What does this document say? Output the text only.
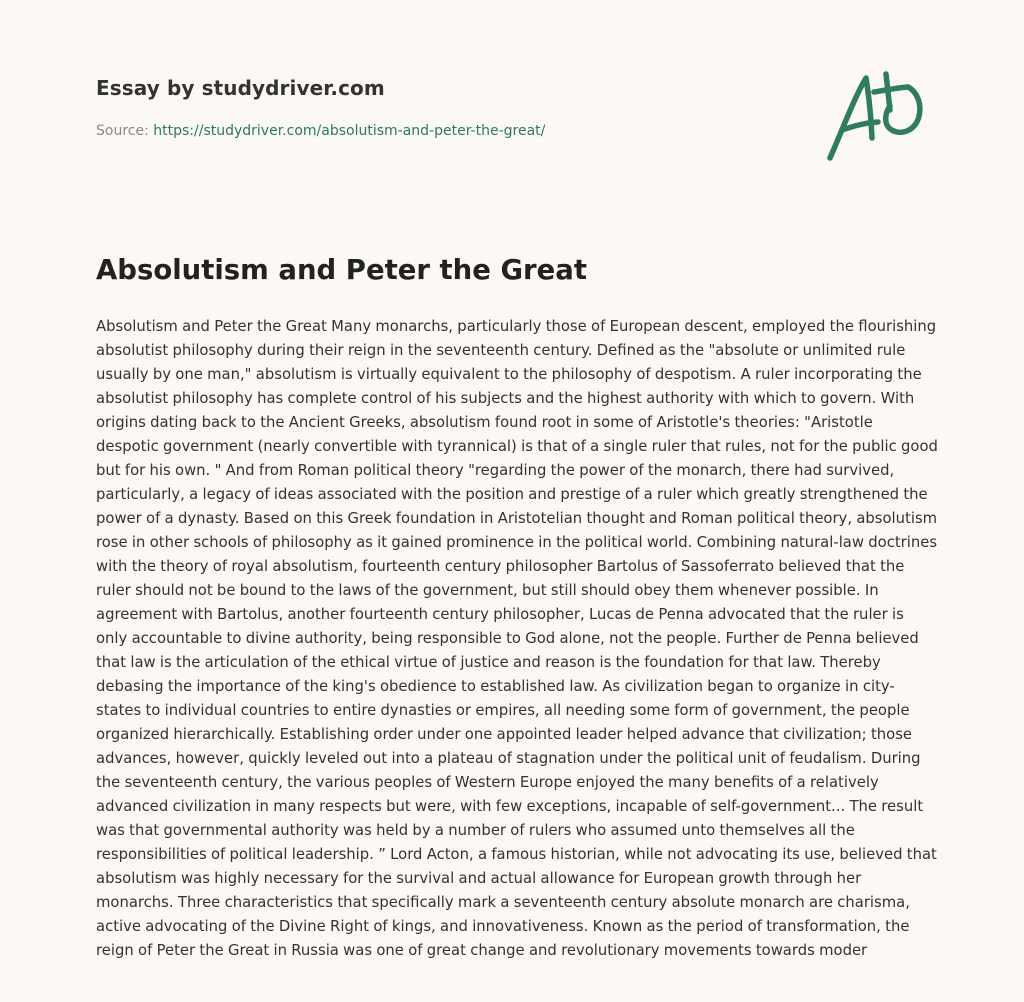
Essay by studydriver.com
Source: https://studydriver.com/absolutism-and-peter-the-great/
Absolutism and Peter the Great

Absolutism and Peter the Great Many monarchs, particularly those of European descent, employed the flourishing absolutist philosophy during their reign in the seventeenth century. Defined as the "absolute or unlimited rule usually by one man," absolutism is virtually equivalent to the philosophy of despotism. A ruler incorporating the absolutist philosophy has complete control of his subjects and the highest authority with which to govern. With origins dating back to the Ancient Greeks, absolutism found root in some of Aristotle's theories: "Aristotle despotic government (nearly convertible with tyrannical) is that of a single ruler that rules, not for the public good but for his own. " And from Roman political theory "regarding the power of the monarch, there had survived, particularly, a legacy of ideas associated with the position and prestige of a ruler which greatly strengthened the power of a dynasty. Based on this Greek foundation in Aristotelian thought and Roman political theory, absolutism rose in other schools of philosophy as it gained prominence in the political world. Combining natural-law doctrines with the theory of royal absolutism, fourteenth century philosopher Bartolus of Sassoferrato believed that the ruler should not be bound to the laws of the government, but still should obey them whenever possible. In agreement with Bartolus, another fourteenth century philosopher, Lucas de Penna advocated that the ruler is only accountable to divine authority, being responsible to God alone, not the people. Further de Penna believed that law is the articulation of the ethical virtue of justice and reason is the foundation for that law. Thereby debasing the importance of the king's obedience to established law. As civilization began to organize in city-states to individual countries to entire dynasties or empires, all needing some form of government, the people organized hierarchically. Establishing order under one appointed leader helped advance that civilization; those advances, however, quickly leveled out into a plateau of stagnation under the political unit of feudalism. During the seventeenth century, the various peoples of Western Europe enjoyed the many benefits of a relatively advanced civilization in many respects but were, with few exceptions, incapable of self-government... The result was that governmental authority was held by a number of rulers who assumed unto themselves all the responsibilities of political leadership. ” Lord Acton, a famous historian, while not advocating its use, believed that absolutism was highly necessary for the survival and actual allowance for European growth through her monarchs. Three characteristics that specifically mark a seventeenth century absolute monarch are charisma, active advocating of the Divine Right of kings, and innovativeness. Known as the period of transformation, the reign of Peter the Great in Russia was one of great change and revolutionary movements towards moder
